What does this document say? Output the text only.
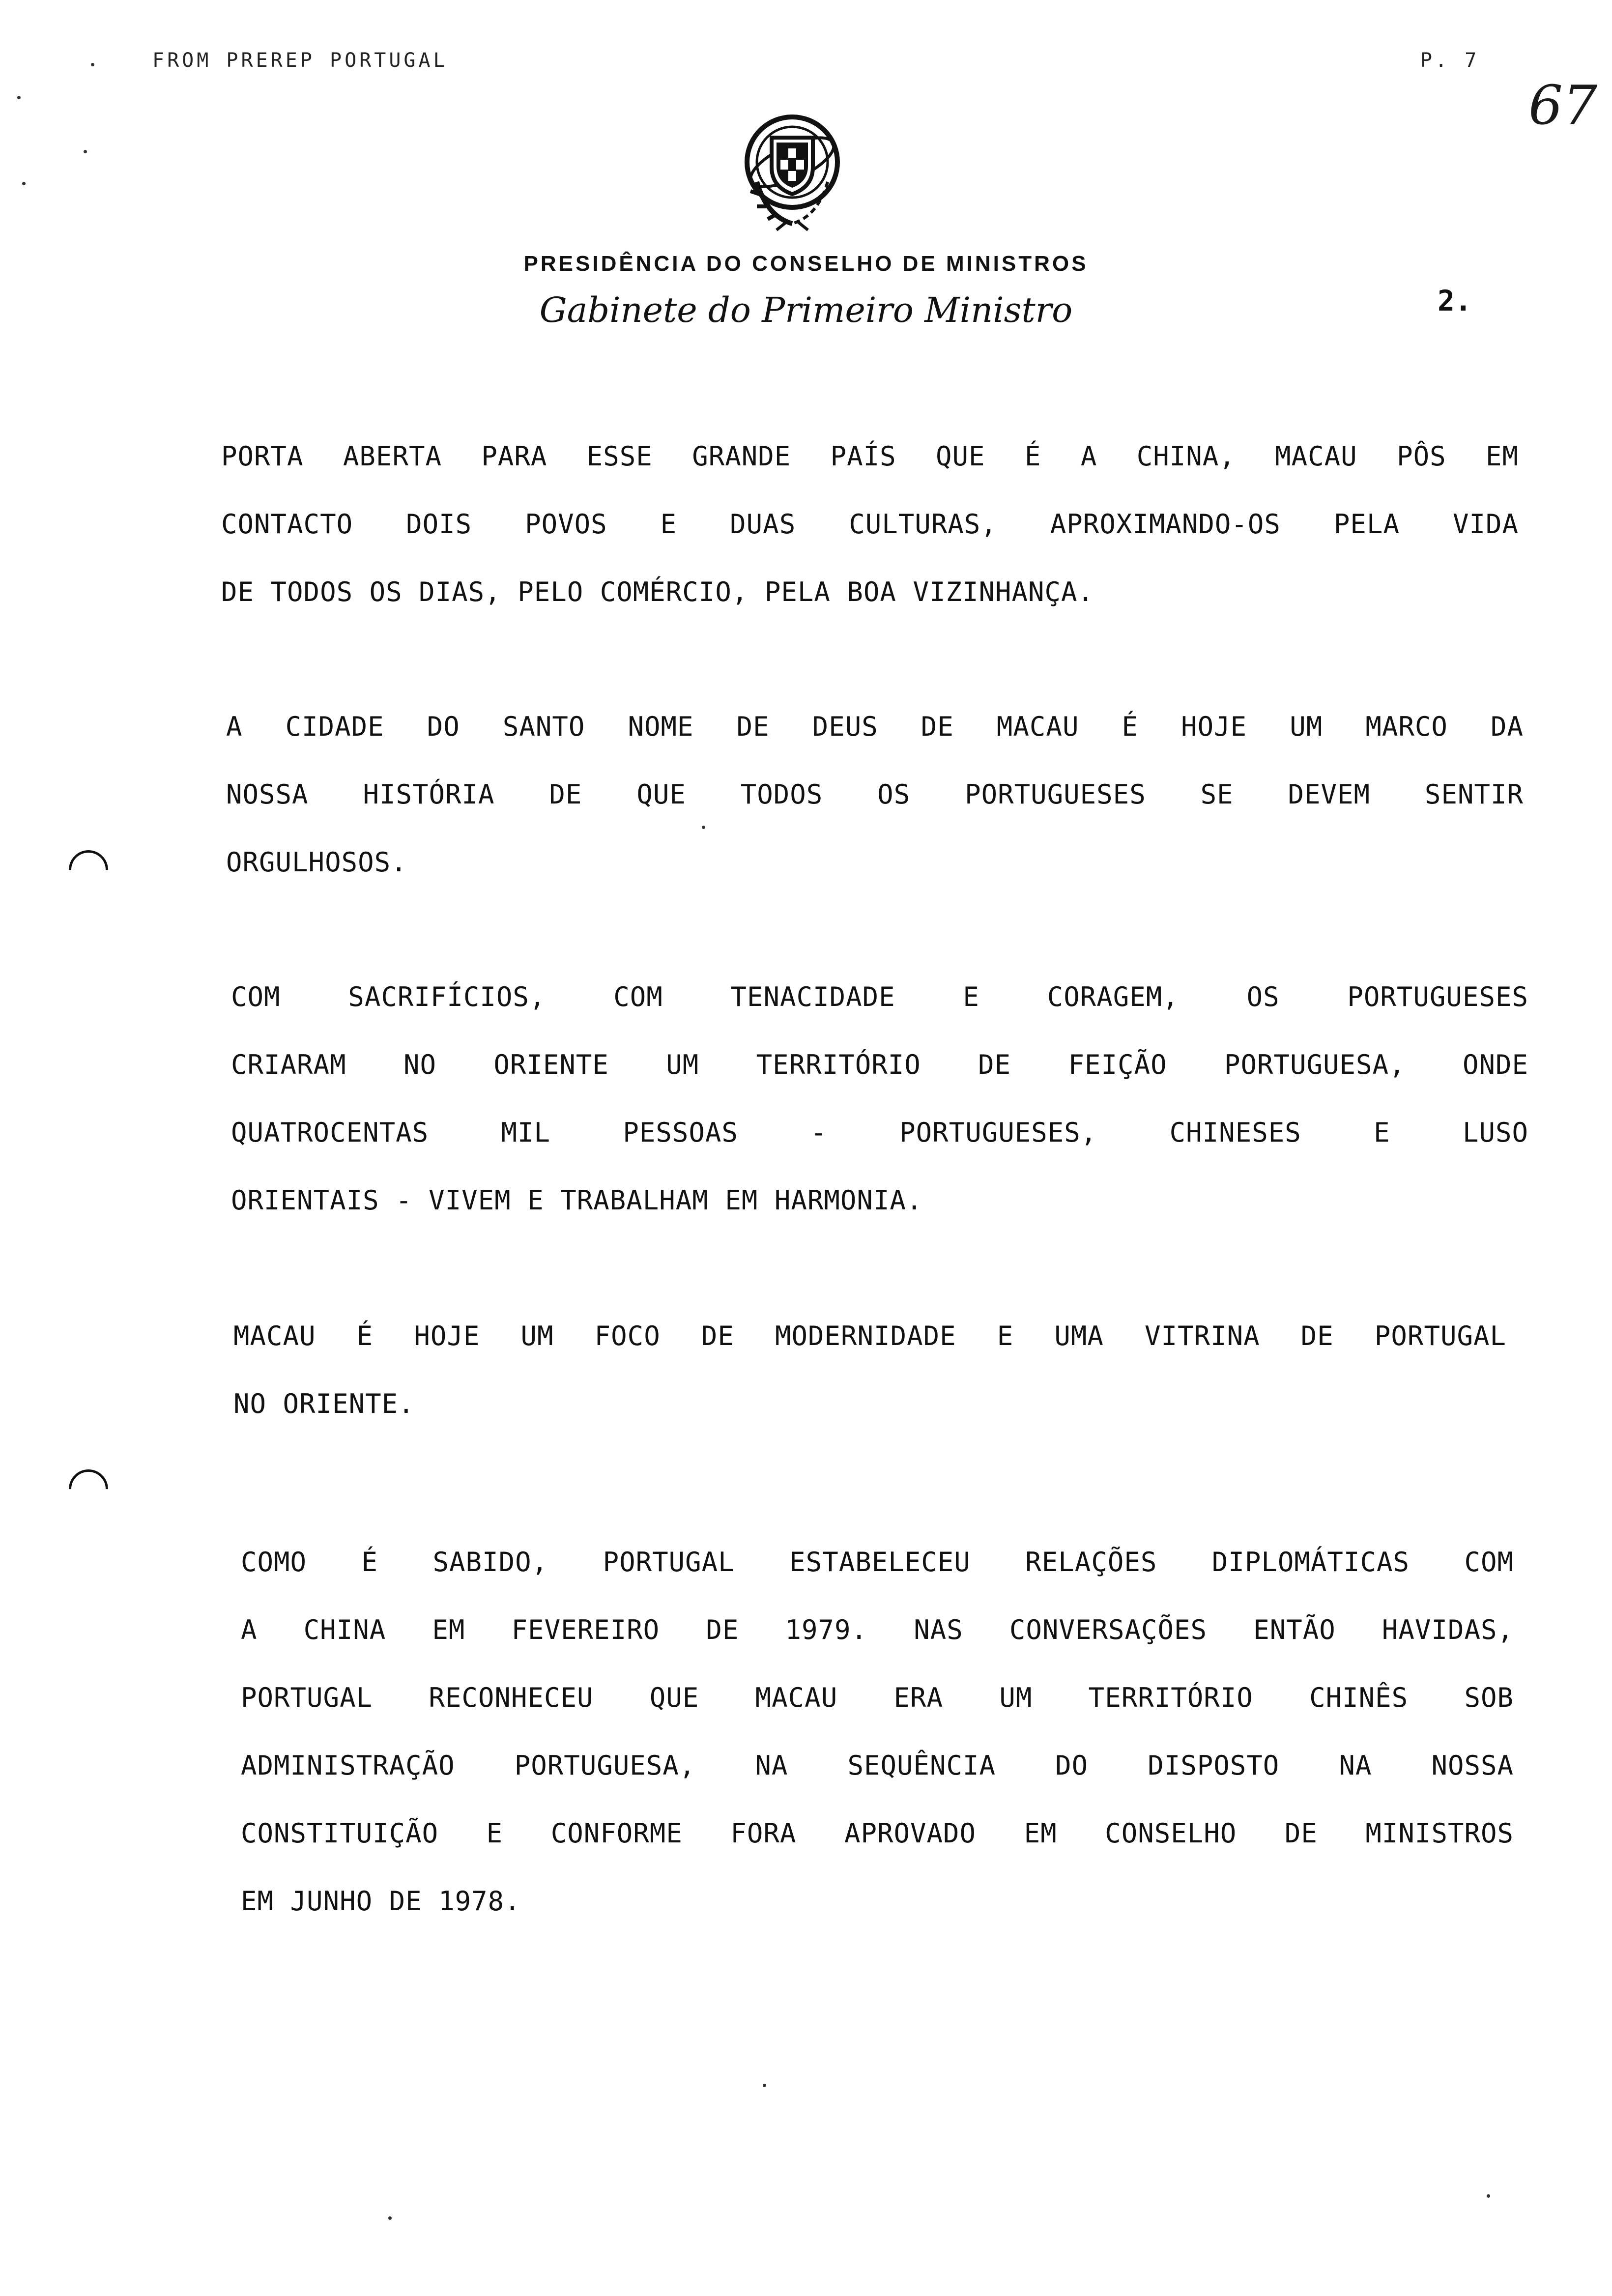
FROM PREREP PORTUGAL	P. 7
67
PRESIDÊNCIA DO CONSELHO DE MINISTROS
Gabinete do Primeiro Ministro	2.
PORTA ABERTA PARA ESSE GRANDE PAÍS QUE É A CHINA, MACAU PÔS EM
CONTACTO DOIS POVOS E DUAS CULTURAS, APROXIMANDO-OS PELA VIDA
DE TODOS OS DIAS, PELO COMÉRCIO, PELA BOA VIZINHANÇA.
A CIDADE DO SANTO NOME DE DEUS DE MACAU É HOJE UM MARCO DA
NOSSA HISTÓRIA DE QUE TODOS OS PORTUGUESES SE DEVEM SENTIR
ORGULHOSOS.
COM SACRIFÍCIOS, COM TENACIDADE E CORAGEM, OS PORTUGUESES
CRIARAM NO ORIENTE UM TERRITÓRIO DE FEIÇÃO PORTUGUESA, ONDE
QUATROCENTAS MIL PESSOAS - PORTUGUESES, CHINESES E LUSO
ORIENTAIS - VIVEM E TRABALHAM EM HARMONIA.
MACAU É HOJE UM FOCO DE MODERNIDADE E UMA VITRINA DE PORTUGAL
NO ORIENTE.
COMO É SABIDO, PORTUGAL ESTABELECEU RELAÇÕES DIPLOMÁTICAS COM
A CHINA EM FEVEREIRO DE 1979. NAS CONVERSAÇÕES ENTÃO HAVIDAS,
PORTUGAL RECONHECEU QUE MACAU ERA UM TERRITÓRIO CHINÊS SOB
ADMINISTRAÇÃO PORTUGUESA, NA SEQUÊNCIA DO DISPOSTO NA NOSSA
CONSTITUIÇÃO E CONFORME FORA APROVADO EM CONSELHO DE MINISTROS
EM JUNHO DE 1978.
